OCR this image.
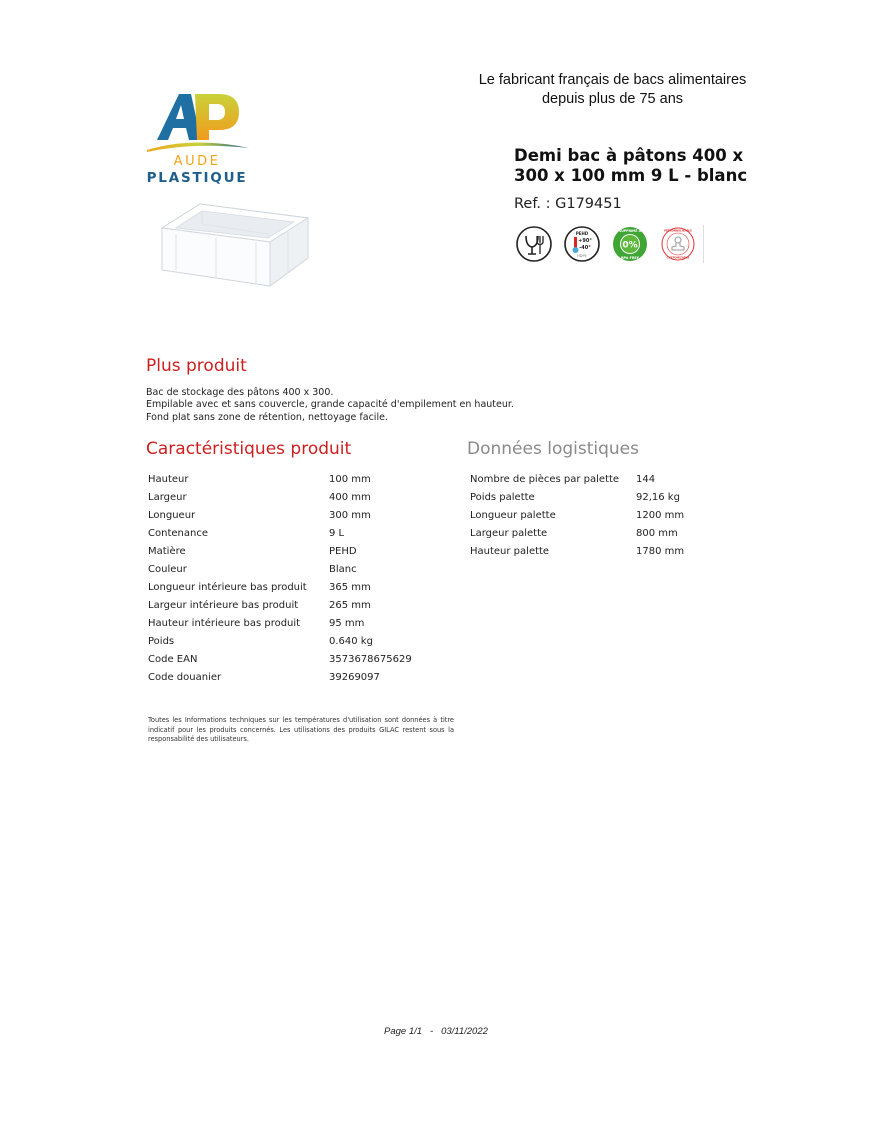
Le fabricant français de bacs alimentaires
depuis plus de 75 ans
AUDE
PLASTIQUE
Demi bac à pâtons 400 x
300 x 100 mm 9 L - blanc
Ref. : G179451
PEHD
+90°
-40°
HDPE
0%
SUPPRIMÉ À
BPA FREE
PERSONNALISABLE
CUSTOMIZABLE
Plus produit
Bac de stockage des pâtons 400 x 300.
Empilable avec et sans couvercle, grande capacité d'empilement en hauteur.
Fond plat sans zone de rétention, nettoyage facile.
Caractéristiques produit
Hauteur	100 mm
Largeur	400 mm
Longueur	300 mm
Contenance	9 L
Matière	PEHD
Couleur	Blanc
Longueur intérieure bas produit	365 mm
Largeur intérieure bas produit	265 mm
Hauteur intérieure bas produit	95 mm
Poids	0.640 kg
Code EAN	3573678675629
Code douanier	39269097
Données logistiques
Nombre de pièces par palette	144
Poids palette	92,16 kg
Longueur palette	1200 mm
Largeur palette	800 mm
Hauteur palette	1780 mm
Toutes les Informations techniques sur les températures d'utilisation sont données à titre indicatif pour les produits concernés. Les utilisations des produits GILAC restent sous la responsabilité des utilisateurs.
Page 1/1 - 03/11/2022
